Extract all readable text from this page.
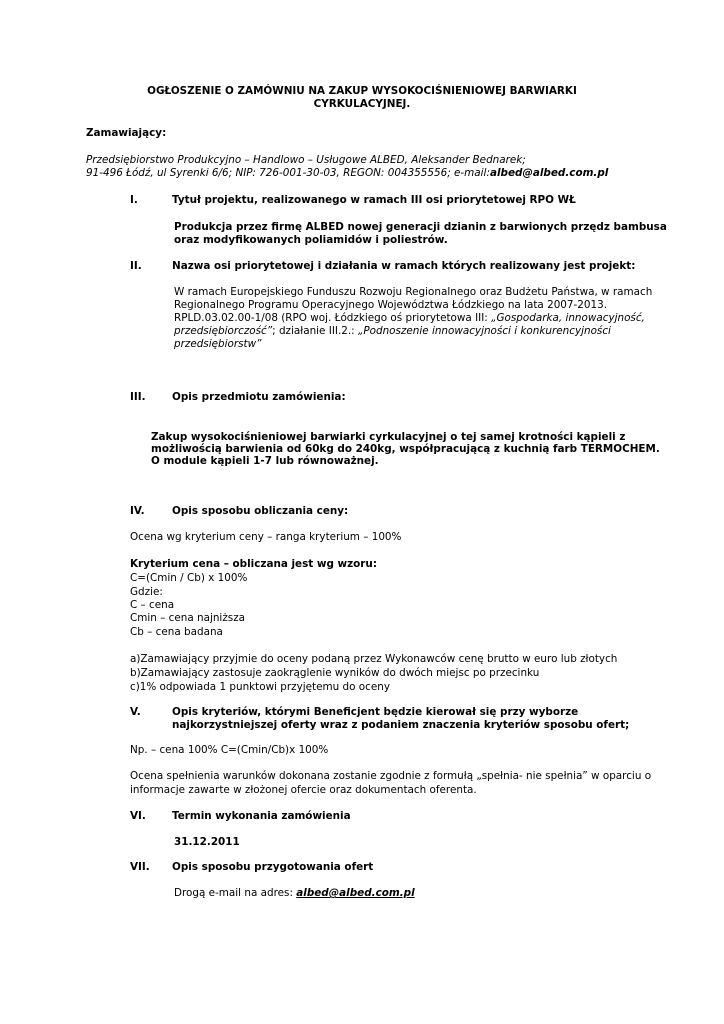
OGŁOSZENIE O ZAMÓWNIU NA ZAKUP WYSOKOCIŚNIENIOWEJ BARWIARKI
CYRKULACYJNEJ.
Zamawiający:
Przedsiębiorstwo Produkcyjno – Handlowo – Usługowe ALBED, Aleksander Bednarek;
91-496 Łódź, ul Syrenki 6/6; NIP: 726-001-30-03, REGON: 004355556; e-mail:albed@albed.com.pl
I.	Tytuł projektu, realizowanego w ramach III osi priorytetowej RPO WŁ
Produkcja przez firmę ALBED nowej generacji dzianin z barwionych przędz bambusa
oraz modyfikowanych poliamidów i poliestrów.
II.	Nazwa osi priorytetowej i działania w ramach których realizowany jest projekt:
W ramach Europejskiego Funduszu Rozwoju Regionalnego oraz Budżetu Państwa, w ramach
Regionalnego Programu Operacyjnego Województwa Łódzkiego na lata 2007-2013.
RPLD.03.02.00-1/08 (RPO woj. Łódzkiego oś priorytetowa III: „Gospodarka, innowacyjność,
przedsiębiorczość”; działanie III.2.: „Podnoszenie innowacyjności i konkurencyjności
przedsiębiorstw”
III.	Opis przedmiotu zamówienia:
Zakup wysokociśnieniowej barwiarki cyrkulacyjnej o tej samej krotności kąpieli z
możliwością barwienia od 60kg do 240kg, współpracującą z kuchnią farb TERMOCHEM.
O module kąpieli 1-7 lub równoważnej.
IV.	Opis sposobu obliczania ceny:
Ocena wg kryterium ceny – ranga kryterium – 100%
Kryterium cena – obliczana jest wg wzoru:
C=(Cmin / Cb) x 100%
Gdzie:
C – cena
Cmin – cena najniższa
Cb – cena badana
a)Zamawiający przyjmie do oceny podaną przez Wykonawców cenę brutto w euro lub złotych
b)Zamawiający zastosuje zaokrąglenie wyników do dwóch miejsc po przecinku
c)1% odpowiada 1 punktowi przyjętemu do oceny
V.	Opis kryteriów, którymi Beneficjent będzie kierował się przy wyborze
najkorzystniejszej oferty wraz z podaniem znaczenia kryteriów sposobu ofert;
Np. – cena 100% C=(Cmin/Cb)x 100%
Ocena spełnienia warunków dokonana zostanie zgodnie z formułą „spełnia- nie spełnia” w oparciu o
informacje zawarte w złożonej ofercie oraz dokumentach oferenta.
VI.	Termin wykonania zamówienia
31.12.2011
VII. Opis sposobu przygotowania ofert
Drogą e-mail na adres: albed@albed.com.pl
